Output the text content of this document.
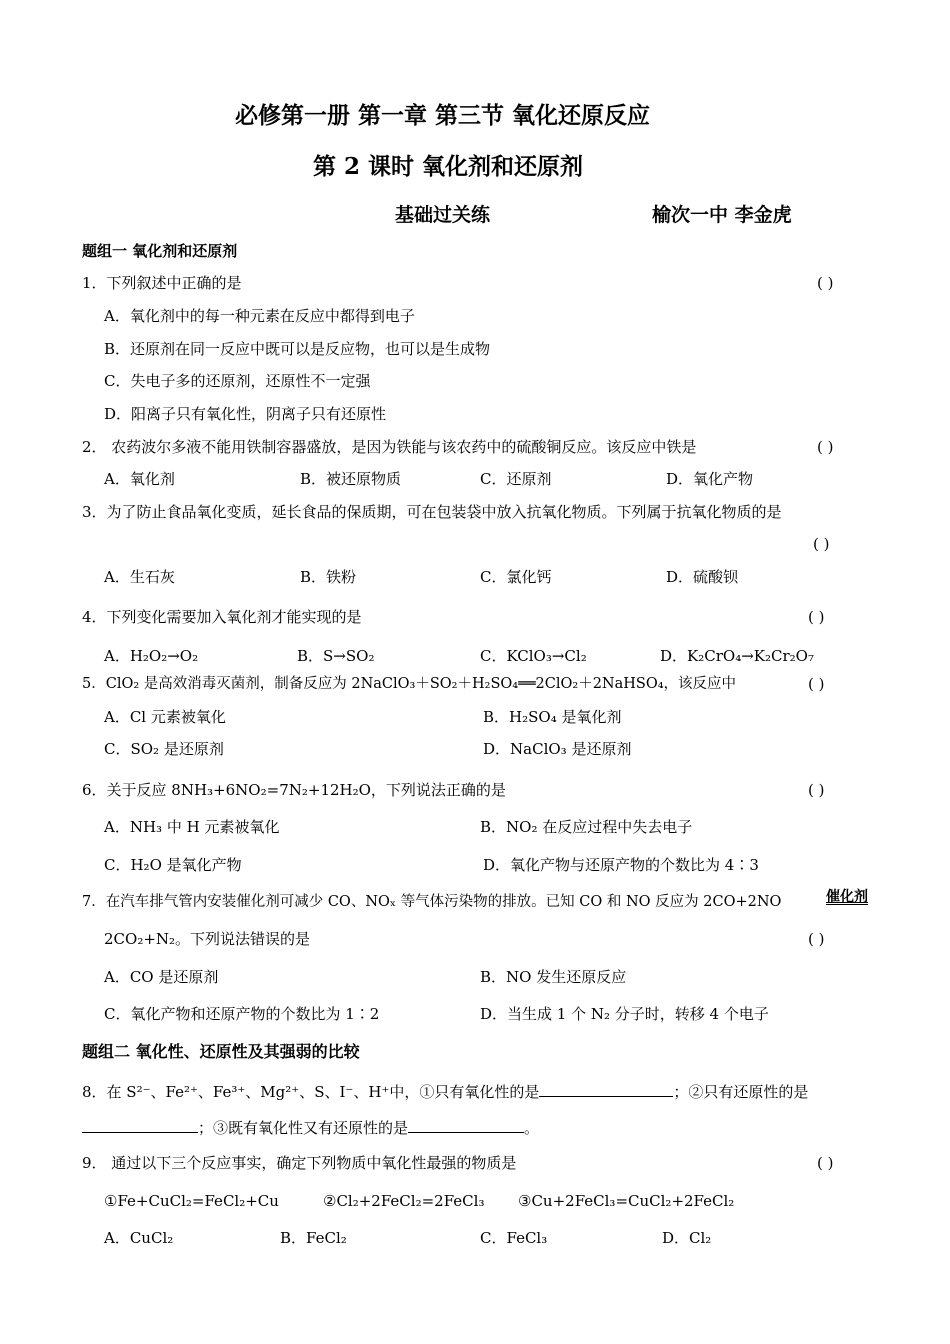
必修第一册 第一章 第三节 氧化还原反应
第 2 课时 氧化剂和还原剂
基础过关练	榆次一中 李金虎
题组一 氧化剂和还原剂
1．下列叙述中正确的是	( )
A．氧化剂中的每一种元素在反应中都得到电子
B．还原剂在同一反应中既可以是反应物，也可以是生成物
C．失电子多的还原剂，还原性不一定强
D．阳离子只有氧化性，阴离子只有还原性
2． 农药波尔多液不能用铁制容器盛放，是因为铁能与该农药中的硫酸铜反应。该反应中铁是	( )
A．氧化剂	B．被还原物质	C．还原剂	D．氧化产物
3．为了防止食品氧化变质，延长食品的保质期，可在包装袋中放入抗氧化物质。下列属于抗氧化物质的是
( )
A．生石灰	B．铁粉	C．氯化钙	D．硫酸钡
4．下列变化需要加入氧化剂才能实现的是	( )
A．H₂O₂→O₂	B．S→SO₂	C．KClO₃→Cl₂	D．K₂CrO₄→K₂Cr₂O₇
5．ClO₂ 是高效消毒灭菌剂，制备反应为 2NaClO₃＋SO₂＋H₂SO₄══2ClO₂＋2NaHSO₄，该反应中	( )
A．Cl 元素被氧化	B．H₂SO₄ 是氧化剂
C．SO₂ 是还原剂	D．NaClO₃ 是还原剂
6．关于反应 8NH₃+6NO₂=7N₂+12H₂O，下列说法正确的是	( )
A．NH₃ 中 H 元素被氧化	B．NO₂ 在反应过程中失去电子
C．H₂O 是氧化产物	D．氧化产物与还原产物的个数比为 4∶3
7．在汽车排气管内安装催化剂可减少 CO、NOₓ 等气体污染物的排放。已知 CO 和 NO 反应为 2CO+2NO	催化剂
2CO₂+N₂。下列说法错误的是	( )
A．CO 是还原剂	B．NO 发生还原反应
C．氧化产物和还原产物的个数比为 1∶2	D．当生成 1 个 N₂ 分子时，转移 4 个电子
题组二 氧化性、还原性及其强弱的比较
8．在 S²⁻、Fe²⁺、Fe³⁺、Mg²⁺、S、I⁻、H⁺中，①只有氧化性的是	；②只有还原性的是
；③既有氧化性又有还原性的是	。
9． 通过以下三个反应事实，确定下列物质中氧化性最强的物质是	( )
①Fe+CuCl₂=FeCl₂+Cu	②Cl₂+2FeCl₂=2FeCl₃ ③Cu+2FeCl₃=CuCl₂+2FeCl₂
A．CuCl₂	B．FeCl₂	C．FeCl₃	D．Cl₂
